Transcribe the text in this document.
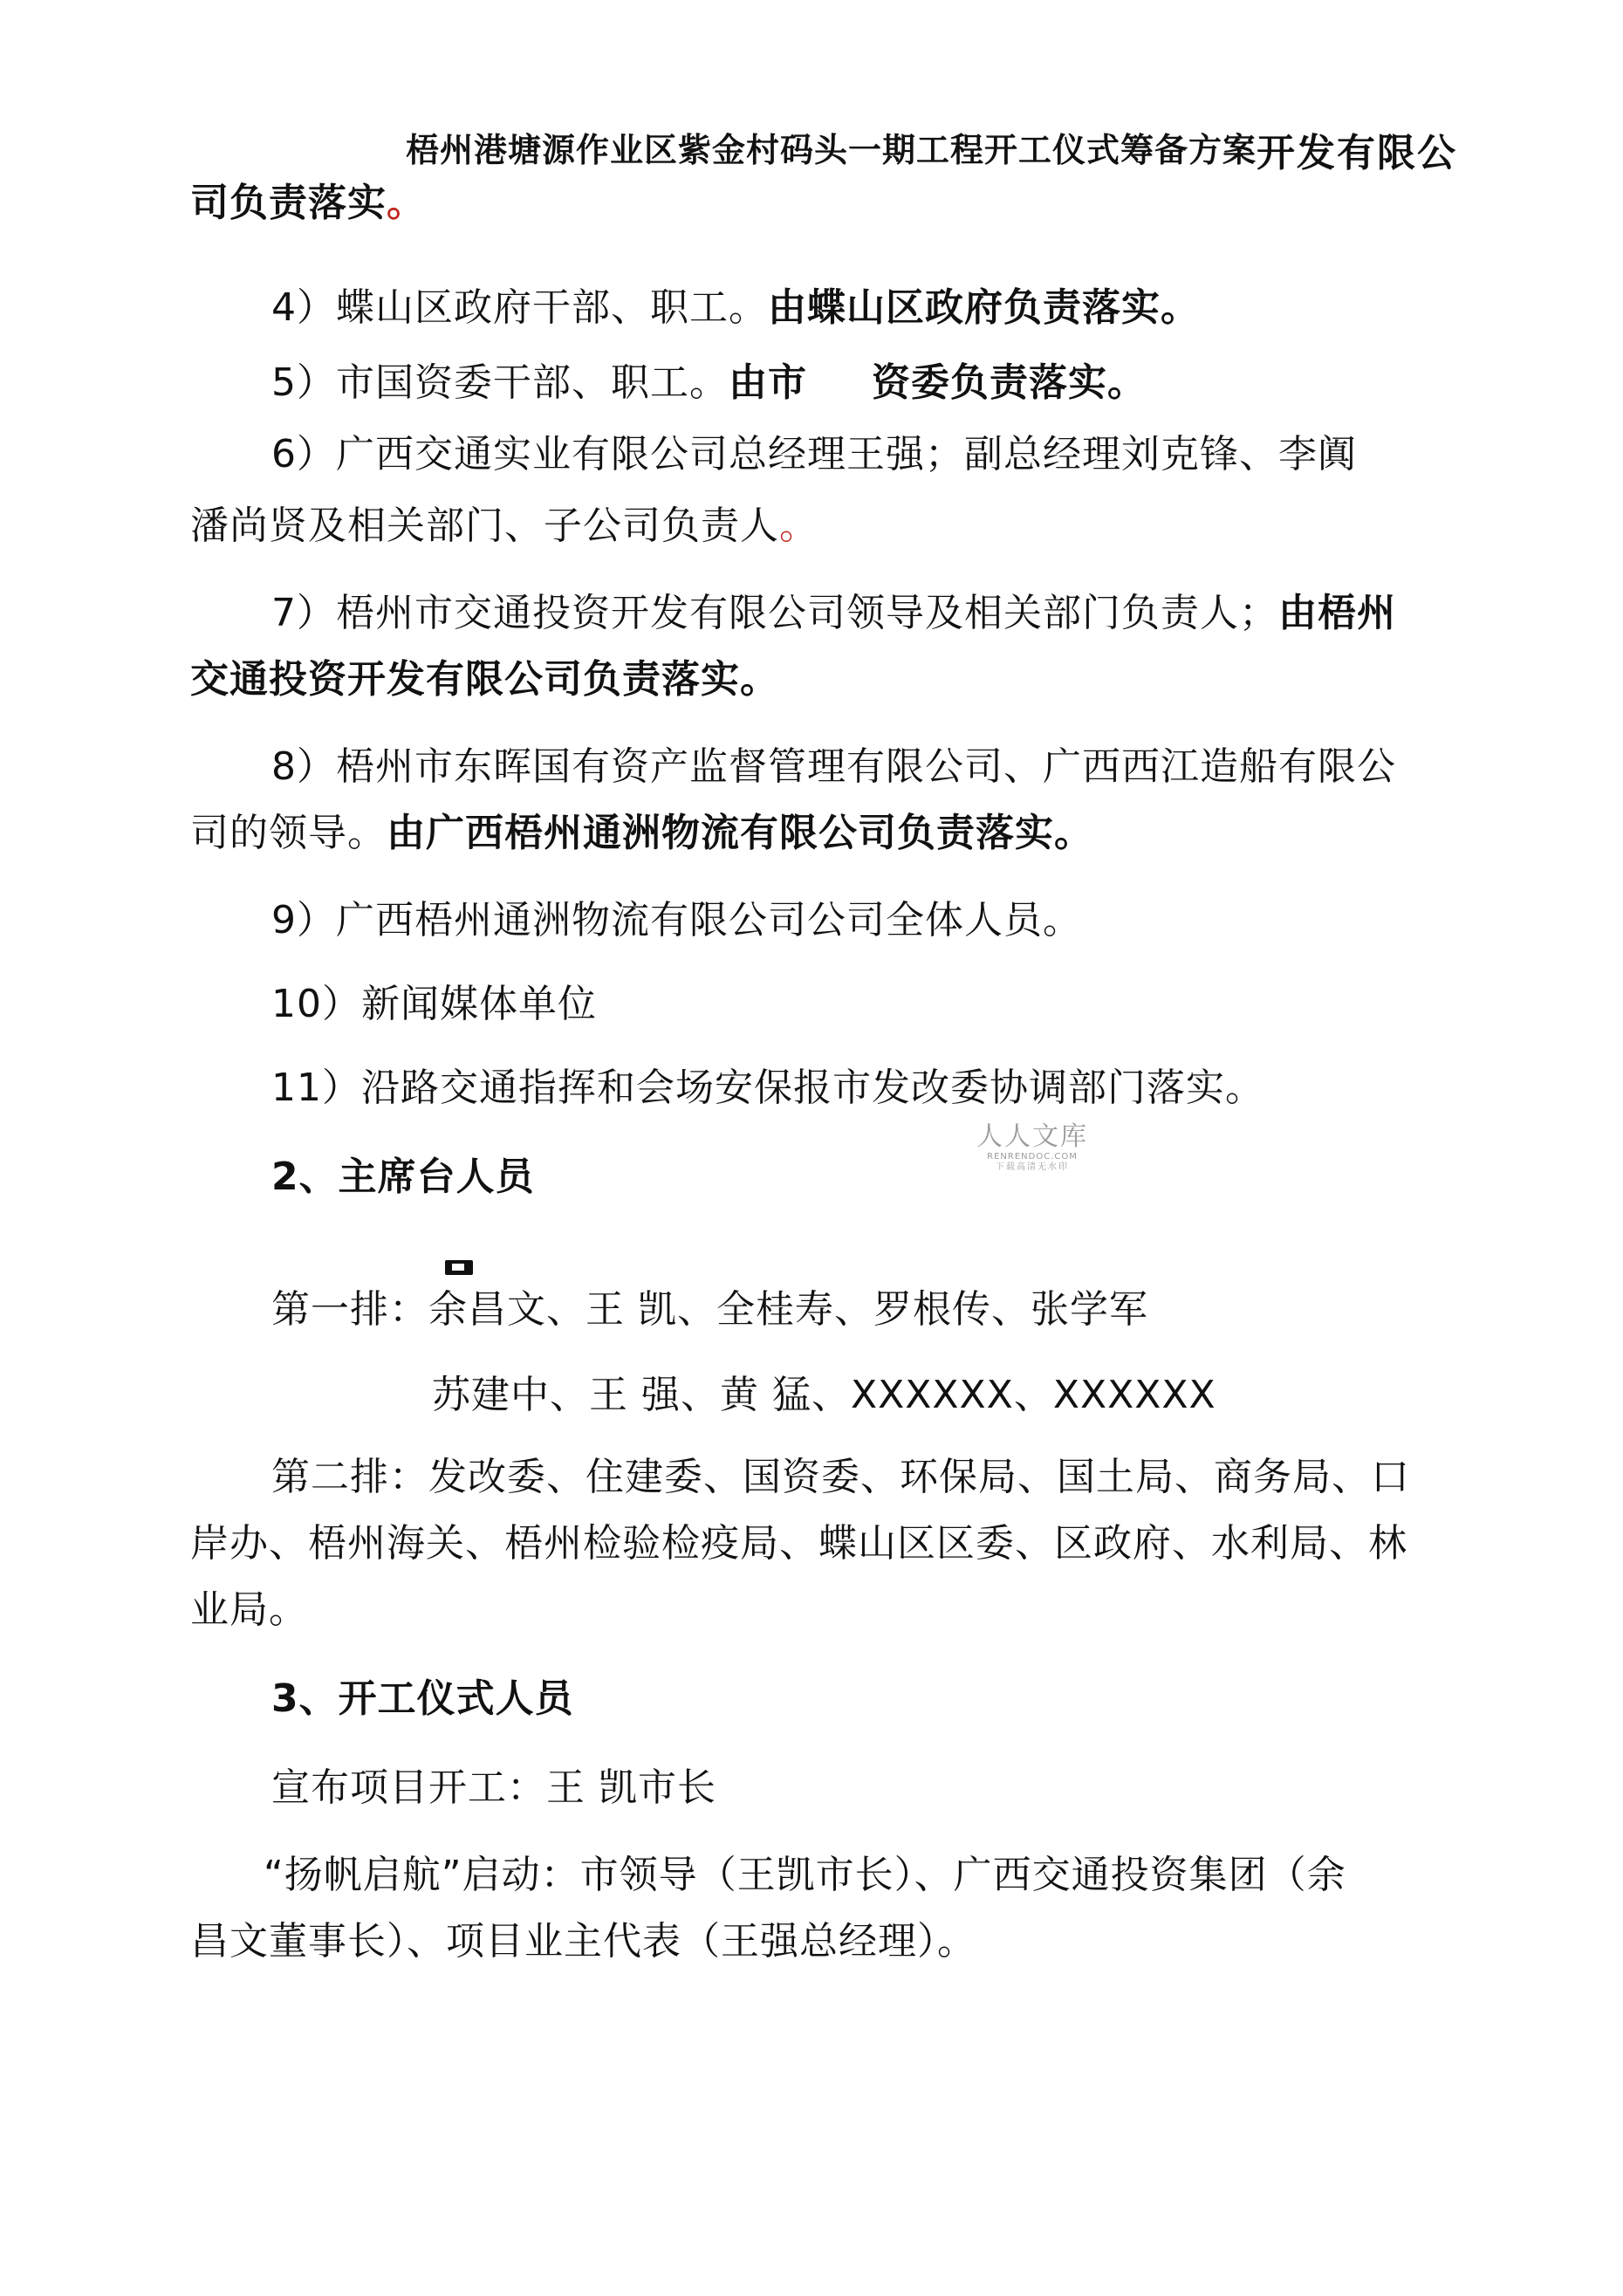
梧州港塘源作业区紫金村码头一期工程开工仪式筹备方案 开发有限公
司负责落实。
4）蝶山区政府干部、职工。由蝶山区政府负责落实。
5）市国资委干部、职工。由市 资委负责落实。
6）广西交通实业有限公司总经理王强；副总经理刘克锋、李阗
潘尚贤及相关部门、子公司负责人。
7）梧州市交通投资开发有限公司领导及相关部门负责人；由梧州
交通投资开发有限公司负责落实。
8）梧州市东晖国有资产监督管理有限公司、广西西江造船有限公
司的领导。由广西梧州通洲物流有限公司负责落实。
9）广西梧州通洲物流有限公司公司全体人员。
10）新闻媒体单位
11）沿路交通指挥和会场安保报市发改委协调部门落实。
人人文库
RENRENDOC.COM
下载高清无水印
2、主席台人员
第一排：余昌文、王 凯、全桂寿、罗根传、张学军
苏建中、王 强、黄 猛、XXXXXX、XXXXXX
第二排：发改委、住建委、国资委、环保局、国土局、商务局、口
岸办、梧州海关、梧州检验检疫局、蝶山区区委、区政府、水利局、林
业局。
3、开工仪式人员
宣布项目开工：王 凯市长
“扬帆启航”启动：市领导（王凯市长）、广西交通投资集团（余
昌文董事长）、项目业主代表（王强总经理）。
